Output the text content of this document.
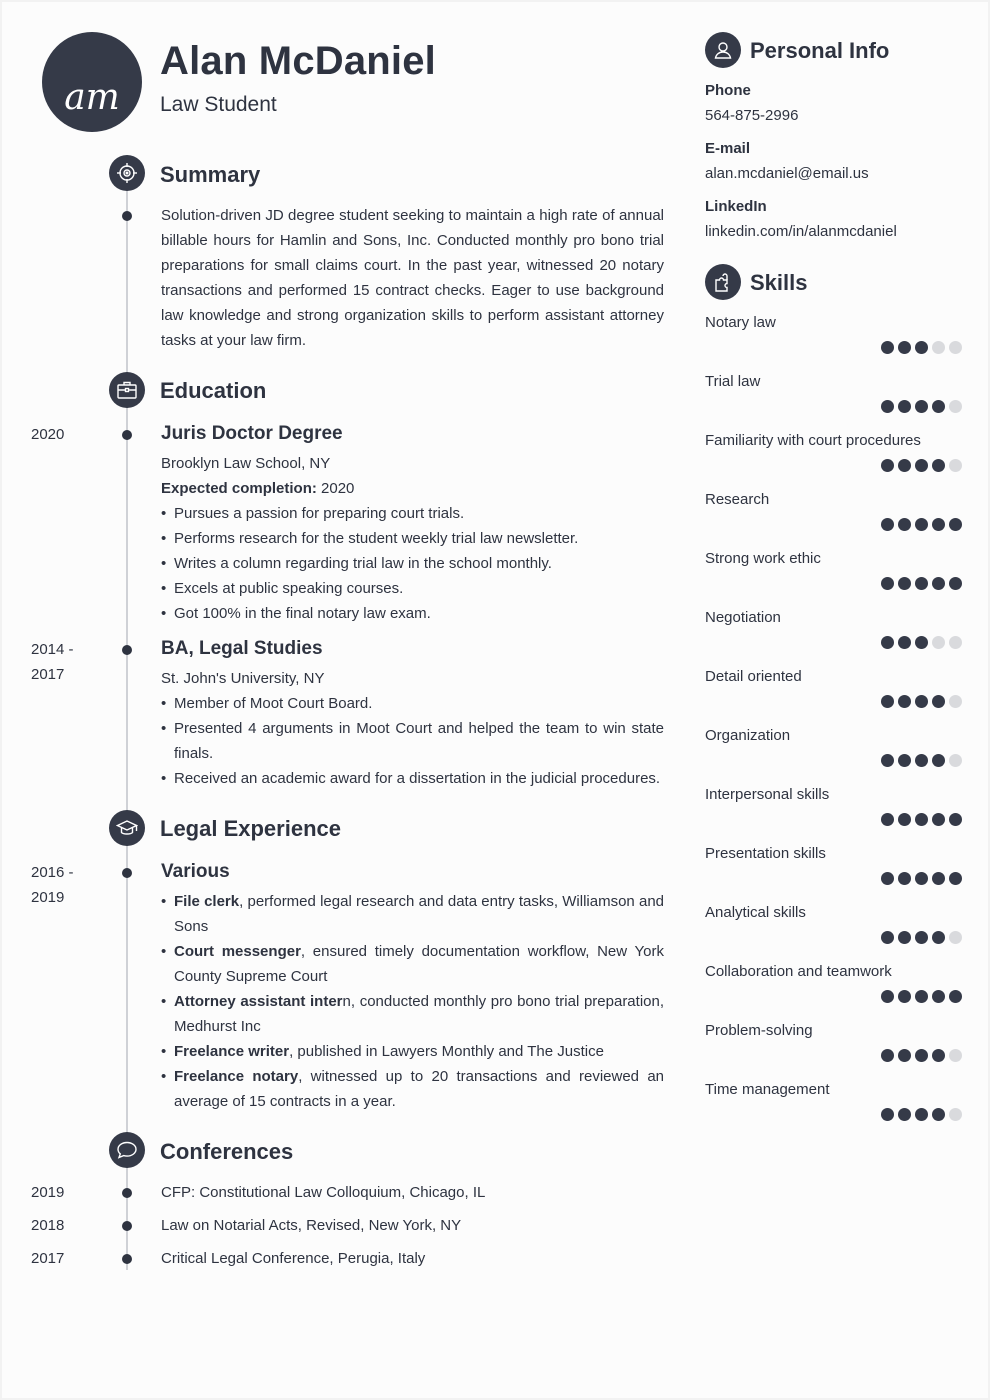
am
Alan McDaniel
Law Student
Summary
Solution-driven JD degree student seeking to maintain a high rate of annual billable hours for Hamlin and Sons, Inc. Conducted monthly pro bono trial preparations for small claims court. In the past year, witnessed 20 notary transactions and performed 15 contract checks. Eager to use background law knowledge and strong organization skills to perform assistant attorney tasks at your law firm.
Education
2020	Juris Doctor Degree
Brooklyn Law School, NY
Expected completion: 2020
• Pursues a passion for preparing court trials.
• Performs research for the student weekly trial law newsletter.
• Writes a column regarding trial law in the school monthly.
• Excels at public speaking courses.
• Got 100% in the final notary law exam.
2014 -
2017
BA, Legal Studies
St. John's University, NY
• Member of Moot Court Board.
• Presented 4 arguments in Moot Court and helped the team to win state finals.
• Received an academic award for a dissertation in the judicial procedures.
Legal Experience
2016 -
2019
Various
• File clerk, performed legal research and data entry tasks, Williamson and Sons
• Court messenger, ensured timely documentation workflow, New York County Supreme Court
• Attorney assistant intern, conducted monthly pro bono trial preparation, Medhurst Inc
• Freelance writer, published in Lawyers Monthly and The Justice
• Freelance notary, witnessed up to 20 transactions and reviewed an average of 15 contracts in a year.
Conferences
2019	CFP: Constitutional Law Colloquium, Chicago, IL
2018	Law on Notarial Acts, Revised, New York, NY
2017	Critical Legal Conference, Perugia, Italy
Personal Info
Phone
564-875-2996
E-mail
alan.mcdaniel@email.us
LinkedIn
linkedin.com/in/alanmcdaniel
Skills
Notary law
Trial law
Familiarity with court procedures
Research
Strong work ethic
Negotiation
Detail oriented
Organization
Interpersonal skills
Presentation skills
Analytical skills
Collaboration and teamwork
Problem-solving
Time management
